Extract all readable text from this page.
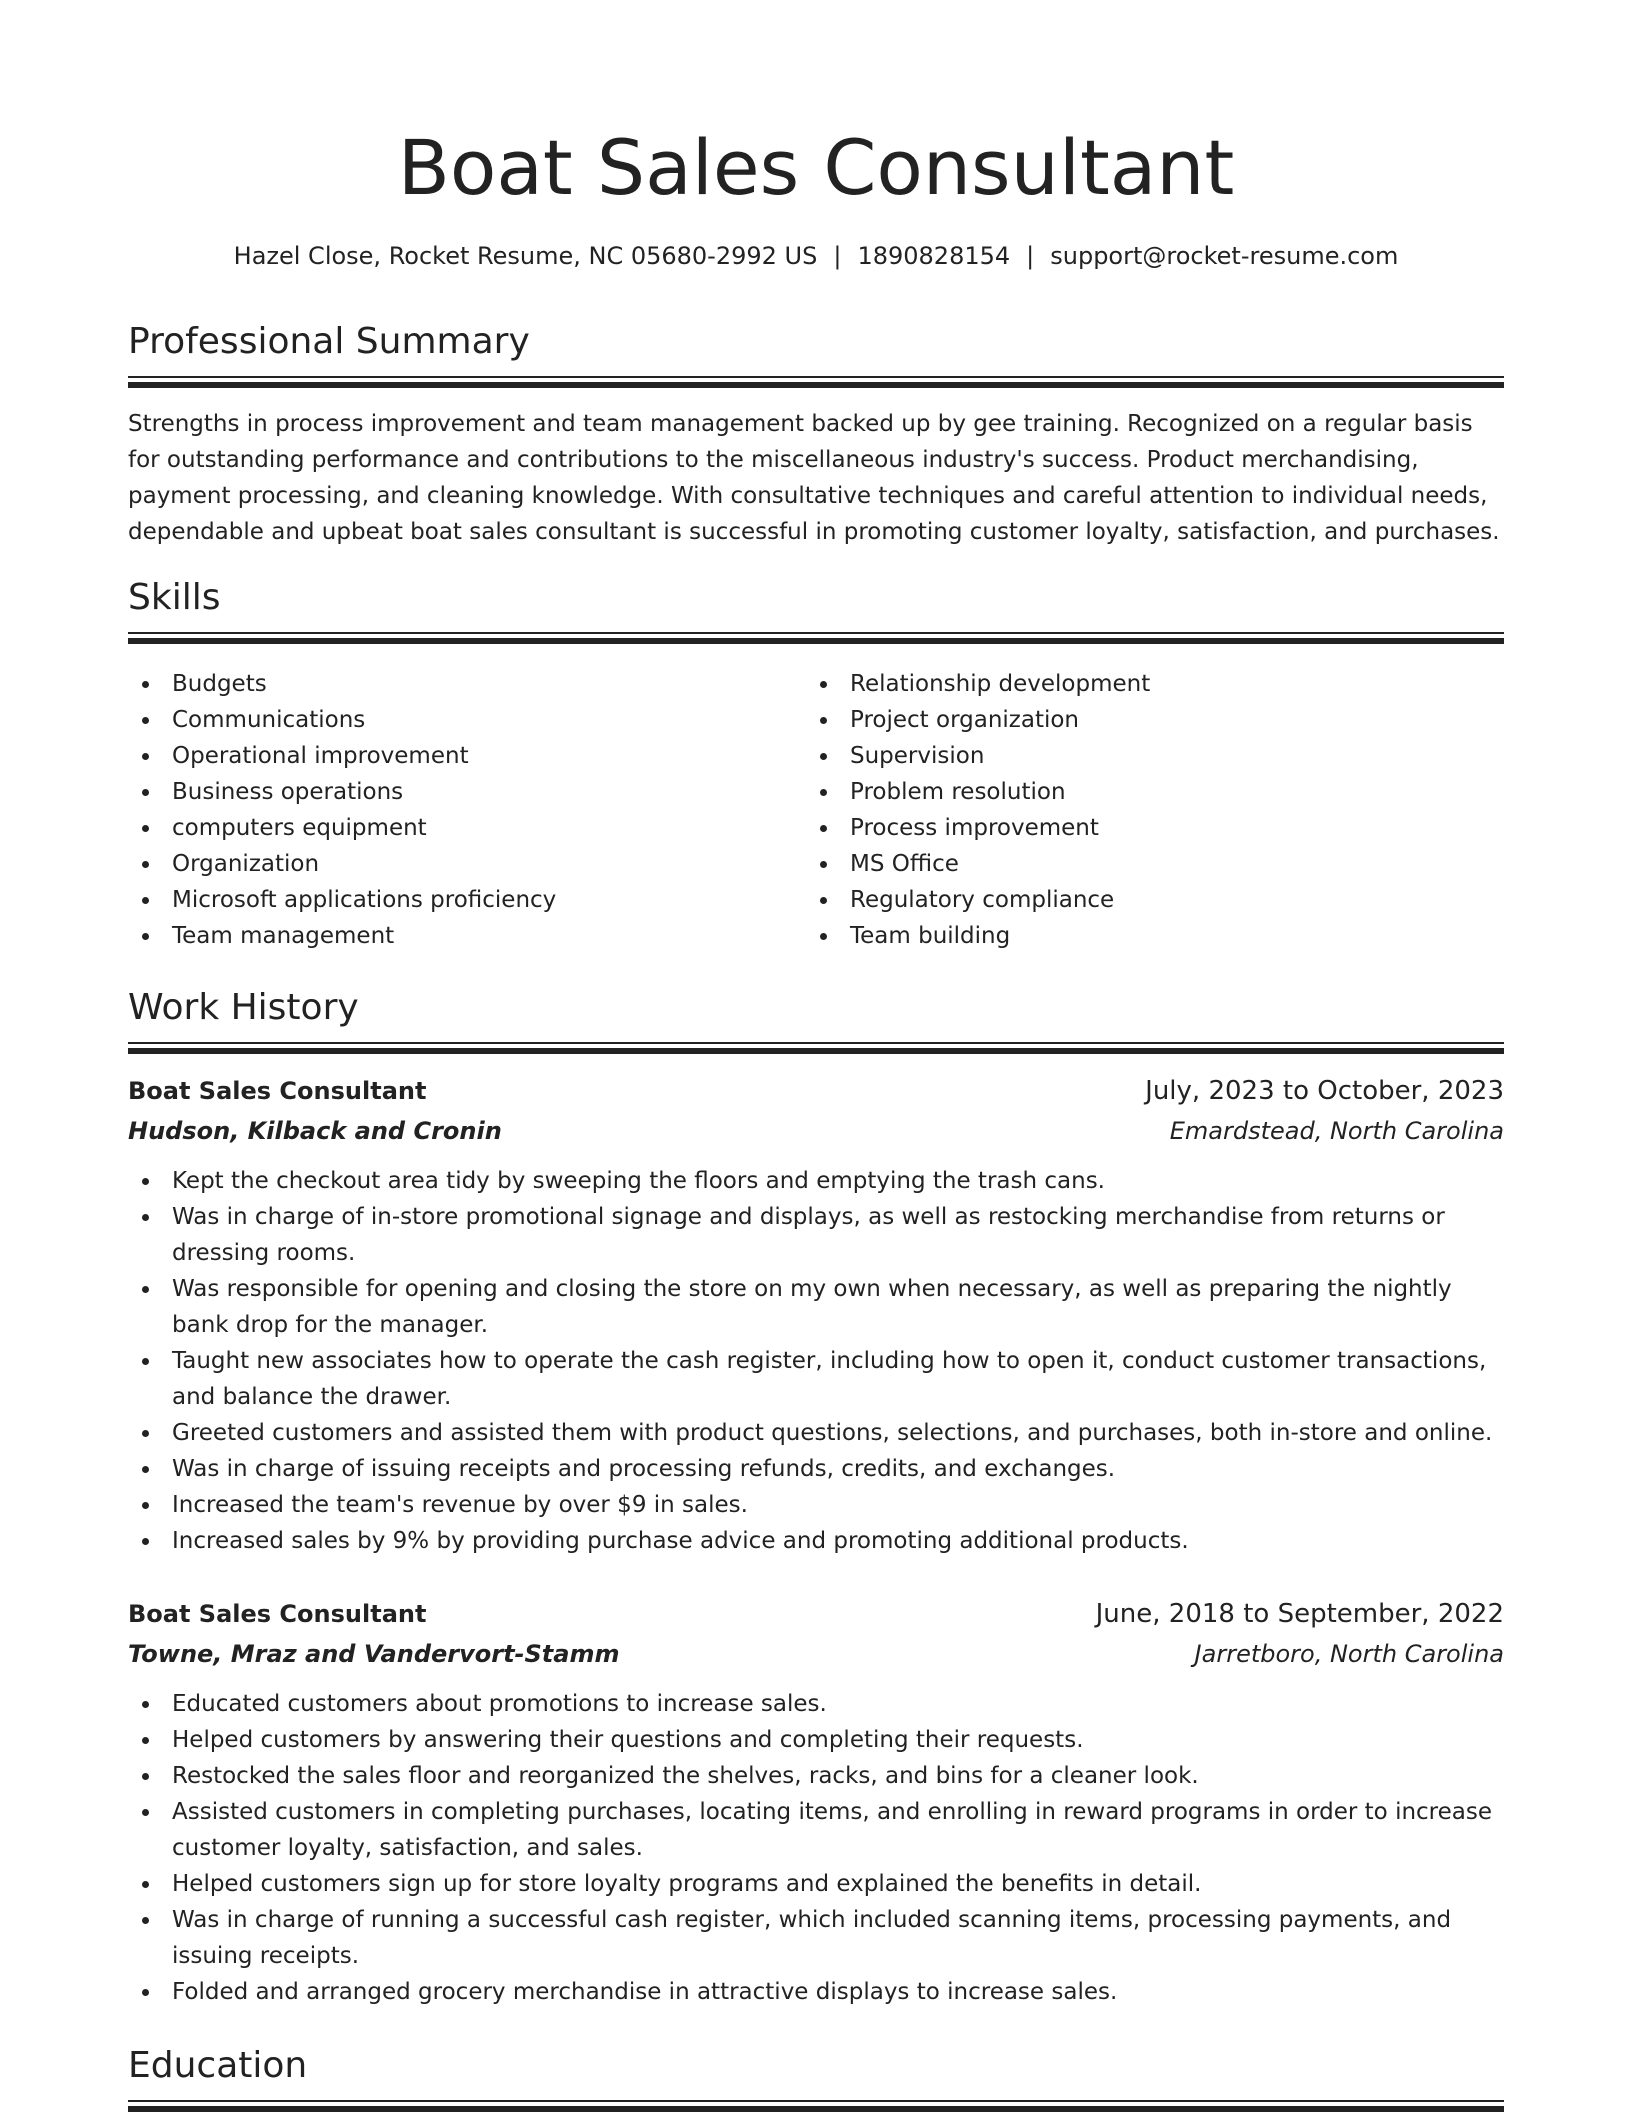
Boat Sales Consultant
Hazel Close, Rocket Resume, NC 05680-2992 US | 1890828154 | support@rocket-resume.com
Professional Summary

Strengths in process improvement and team management backed up by gee training. Recognized on a regular basis for outstanding performance and contributions to the miscellaneous industry's success. Product merchandising, payment processing, and cleaning knowledge. With consultative techniques and careful attention to individual needs, dependable and upbeat boat sales consultant is successful in promoting customer loyalty, satisfaction, and purchases.

Skills
Budgets
Communications
Operational improvement
Business operations
computers equipment
Organization
Microsoft applications proficiency
Team management
Relationship development
Project organization
Supervision
Problem resolution
Process improvement
MS Office
Regulatory compliance
Team building
Work History
Boat Sales Consultant	July, 2023 to October, 2023
Hudson, Kilback and Cronin	Emardstead, North Carolina
Kept the checkout area tidy by sweeping the floors and emptying the trash cans.
Was in charge of in-store promotional signage and displays, as well as restocking merchandise from returns or dressing rooms.
Was responsible for opening and closing the store on my own when necessary, as well as preparing the nightly bank drop for the manager.
Taught new associates how to operate the cash register, including how to open it, conduct customer transactions, and balance the drawer.
Greeted customers and assisted them with product questions, selections, and purchases, both in-store and online.
Was in charge of issuing receipts and processing refunds, credits, and exchanges.
Increased the team's revenue by over $9 in sales.
Increased sales by 9% by providing purchase advice and promoting additional products.
Boat Sales Consultant	June, 2018 to September, 2022
Towne, Mraz and Vandervort-Stamm	Jarretboro, North Carolina
Educated customers about promotions to increase sales.
Helped customers by answering their questions and completing their requests.
Restocked the sales floor and reorganized the shelves, racks, and bins for a cleaner look.
Assisted customers in completing purchases, locating items, and enrolling in reward programs in order to increase customer loyalty, satisfaction, and sales.
Helped customers sign up for store loyalty programs and explained the benefits in detail.
Was in charge of running a successful cash register, which included scanning items, processing payments, and issuing receipts.
Folded and arranged grocery merchandise in attractive displays to increase sales.
Education
